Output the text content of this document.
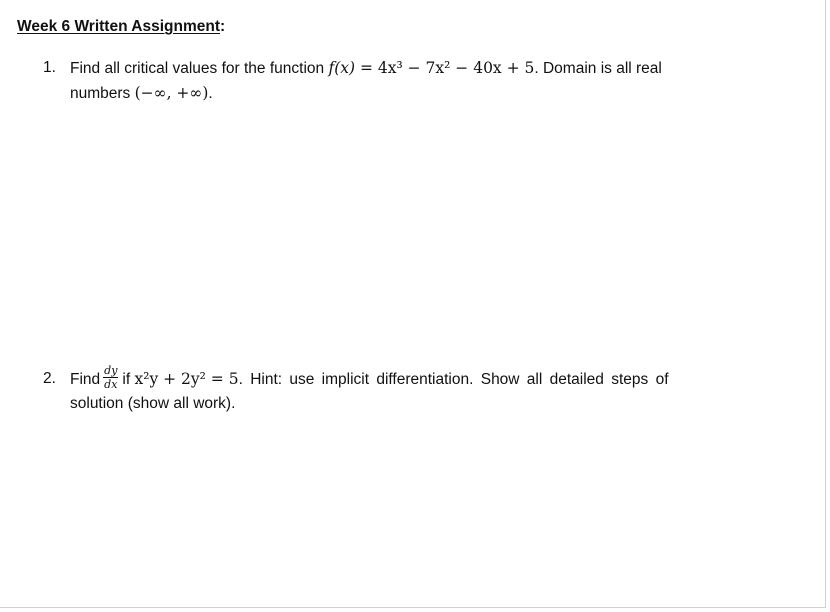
Week 6 Written Assignment:
1. Find all critical values for the function f(x) = 4x³ − 7x² − 40x + 5. Domain is all real
numbers (−∞, +∞).
2. Find $\frac{dy}{dx}$ if x²y + 2y² = 5. Hint: use implicit differentiation. Show all detailed steps of
solution (show all work).
